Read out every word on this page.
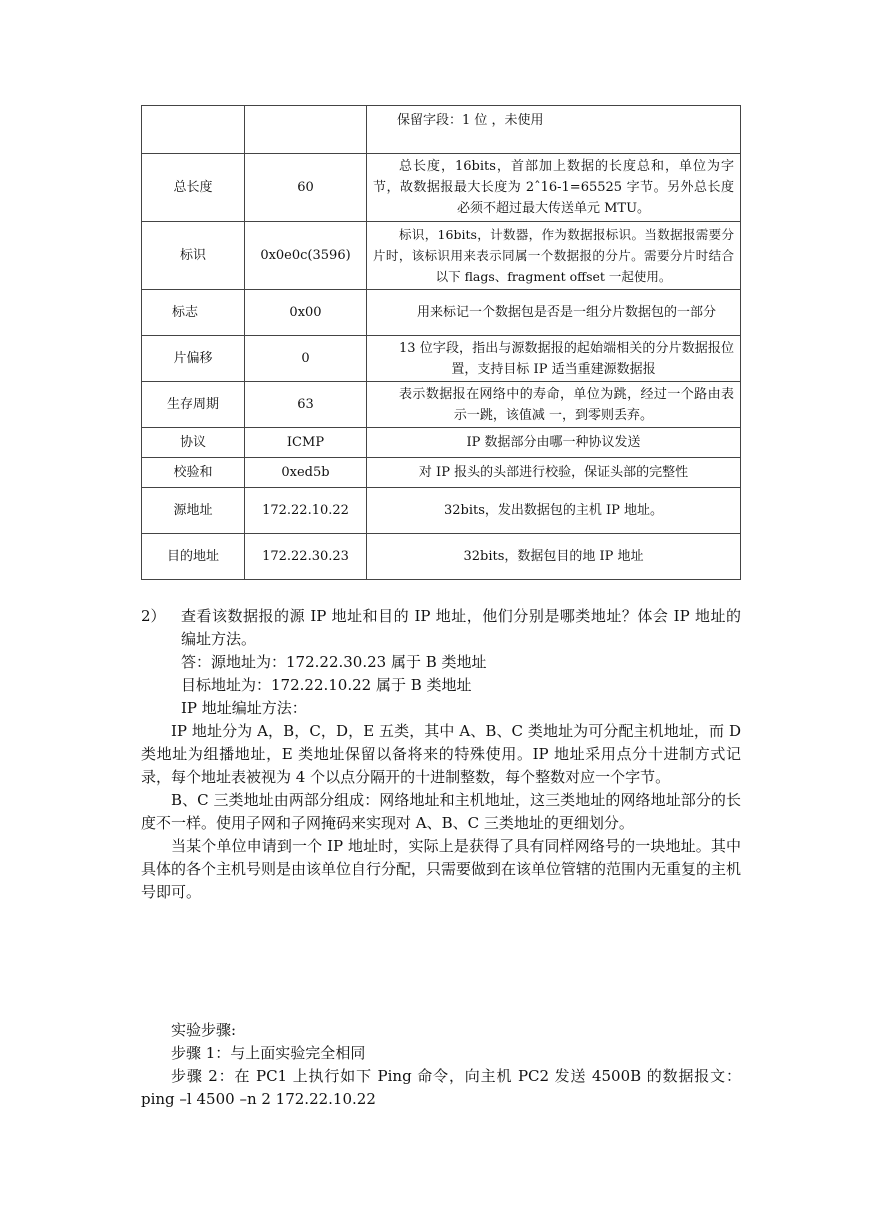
		保留字段：1 位 ，未使用
总长度	60	总长度，16bits，首部加上数据的长度总和，单位为字节，故数据报最大长度为 2ˆ16-1=65525 字节。另外总长度必须不超过最大传送单元 MTU。
标识	0x0e0c(3596)	标识，16bits，计数器，作为数据报标识。当数据报需要分片时，该标识用来表示同属一个数据报的分片。需要分片时结合以下 flags、fragment offset 一起使用。
标志	0x00	用来标记一个数据包是否是一组分片数据包的一部分
片偏移	0	13 位字段，指出与源数据报的起始端相关的分片数据报位置，支持目标 IP 适当重建源数据报
生存周期	63	表示数据报在网络中的寿命，单位为跳，经过一个路由表示一跳，该值减 一，到零则丢弃。
协议	ICMP	IP 数据部分由哪一种协议发送
校验和	0xed5b	对 IP 报头的头部进行校验，保证头部的完整性
源地址	172.22.10.22	32bits，发出数据包的主机 IP 地址。
目的地址	172.22.30.23	32bits，数据包目的地 IP 地址
2）	查看该数据报的源 IP 地址和目的 IP 地址，他们分别是哪类地址？体会 IP 地址的 编址方法。

答：源地址为：172.22.30.23 属于 B 类地址

目标地址为：172.22.10.22 属于 B 类地址

IP 地址编址方法：

IP 地址分为 A，B，C，D，E 五类，其中 A、B、C 类地址为可分配主机地址，而 D 类地址为组播地址，E 类地址保留以备将来的特殊使用。IP 地址采用点分十进制方式记录，每个地址表被视为 4 个以点分隔开的十进制整数，每个整数对应一个字节。

B、C 三类地址由两部分组成：网络地址和主机地址，这三类地址的网络地址部分的长度不一样。使用子网和子网掩码来实现对 A、B、C 三类地址的更细划分。

当某个单位申请到一个 IP 地址时，实际上是获得了具有同样网络号的一块地址。其中具体的各个主机号则是由该单位自行分配，只需要做到在该单位管辖的范围内无重复的主机号即可。

实验步骤:

步骤 1：与上面实验完全相同

步骤 2：在 PC1 上执行如下 Ping 命令，向主机 PC2 发送 4500B 的数据报文： ping –l 4500 –n 2 172.22.10.22
